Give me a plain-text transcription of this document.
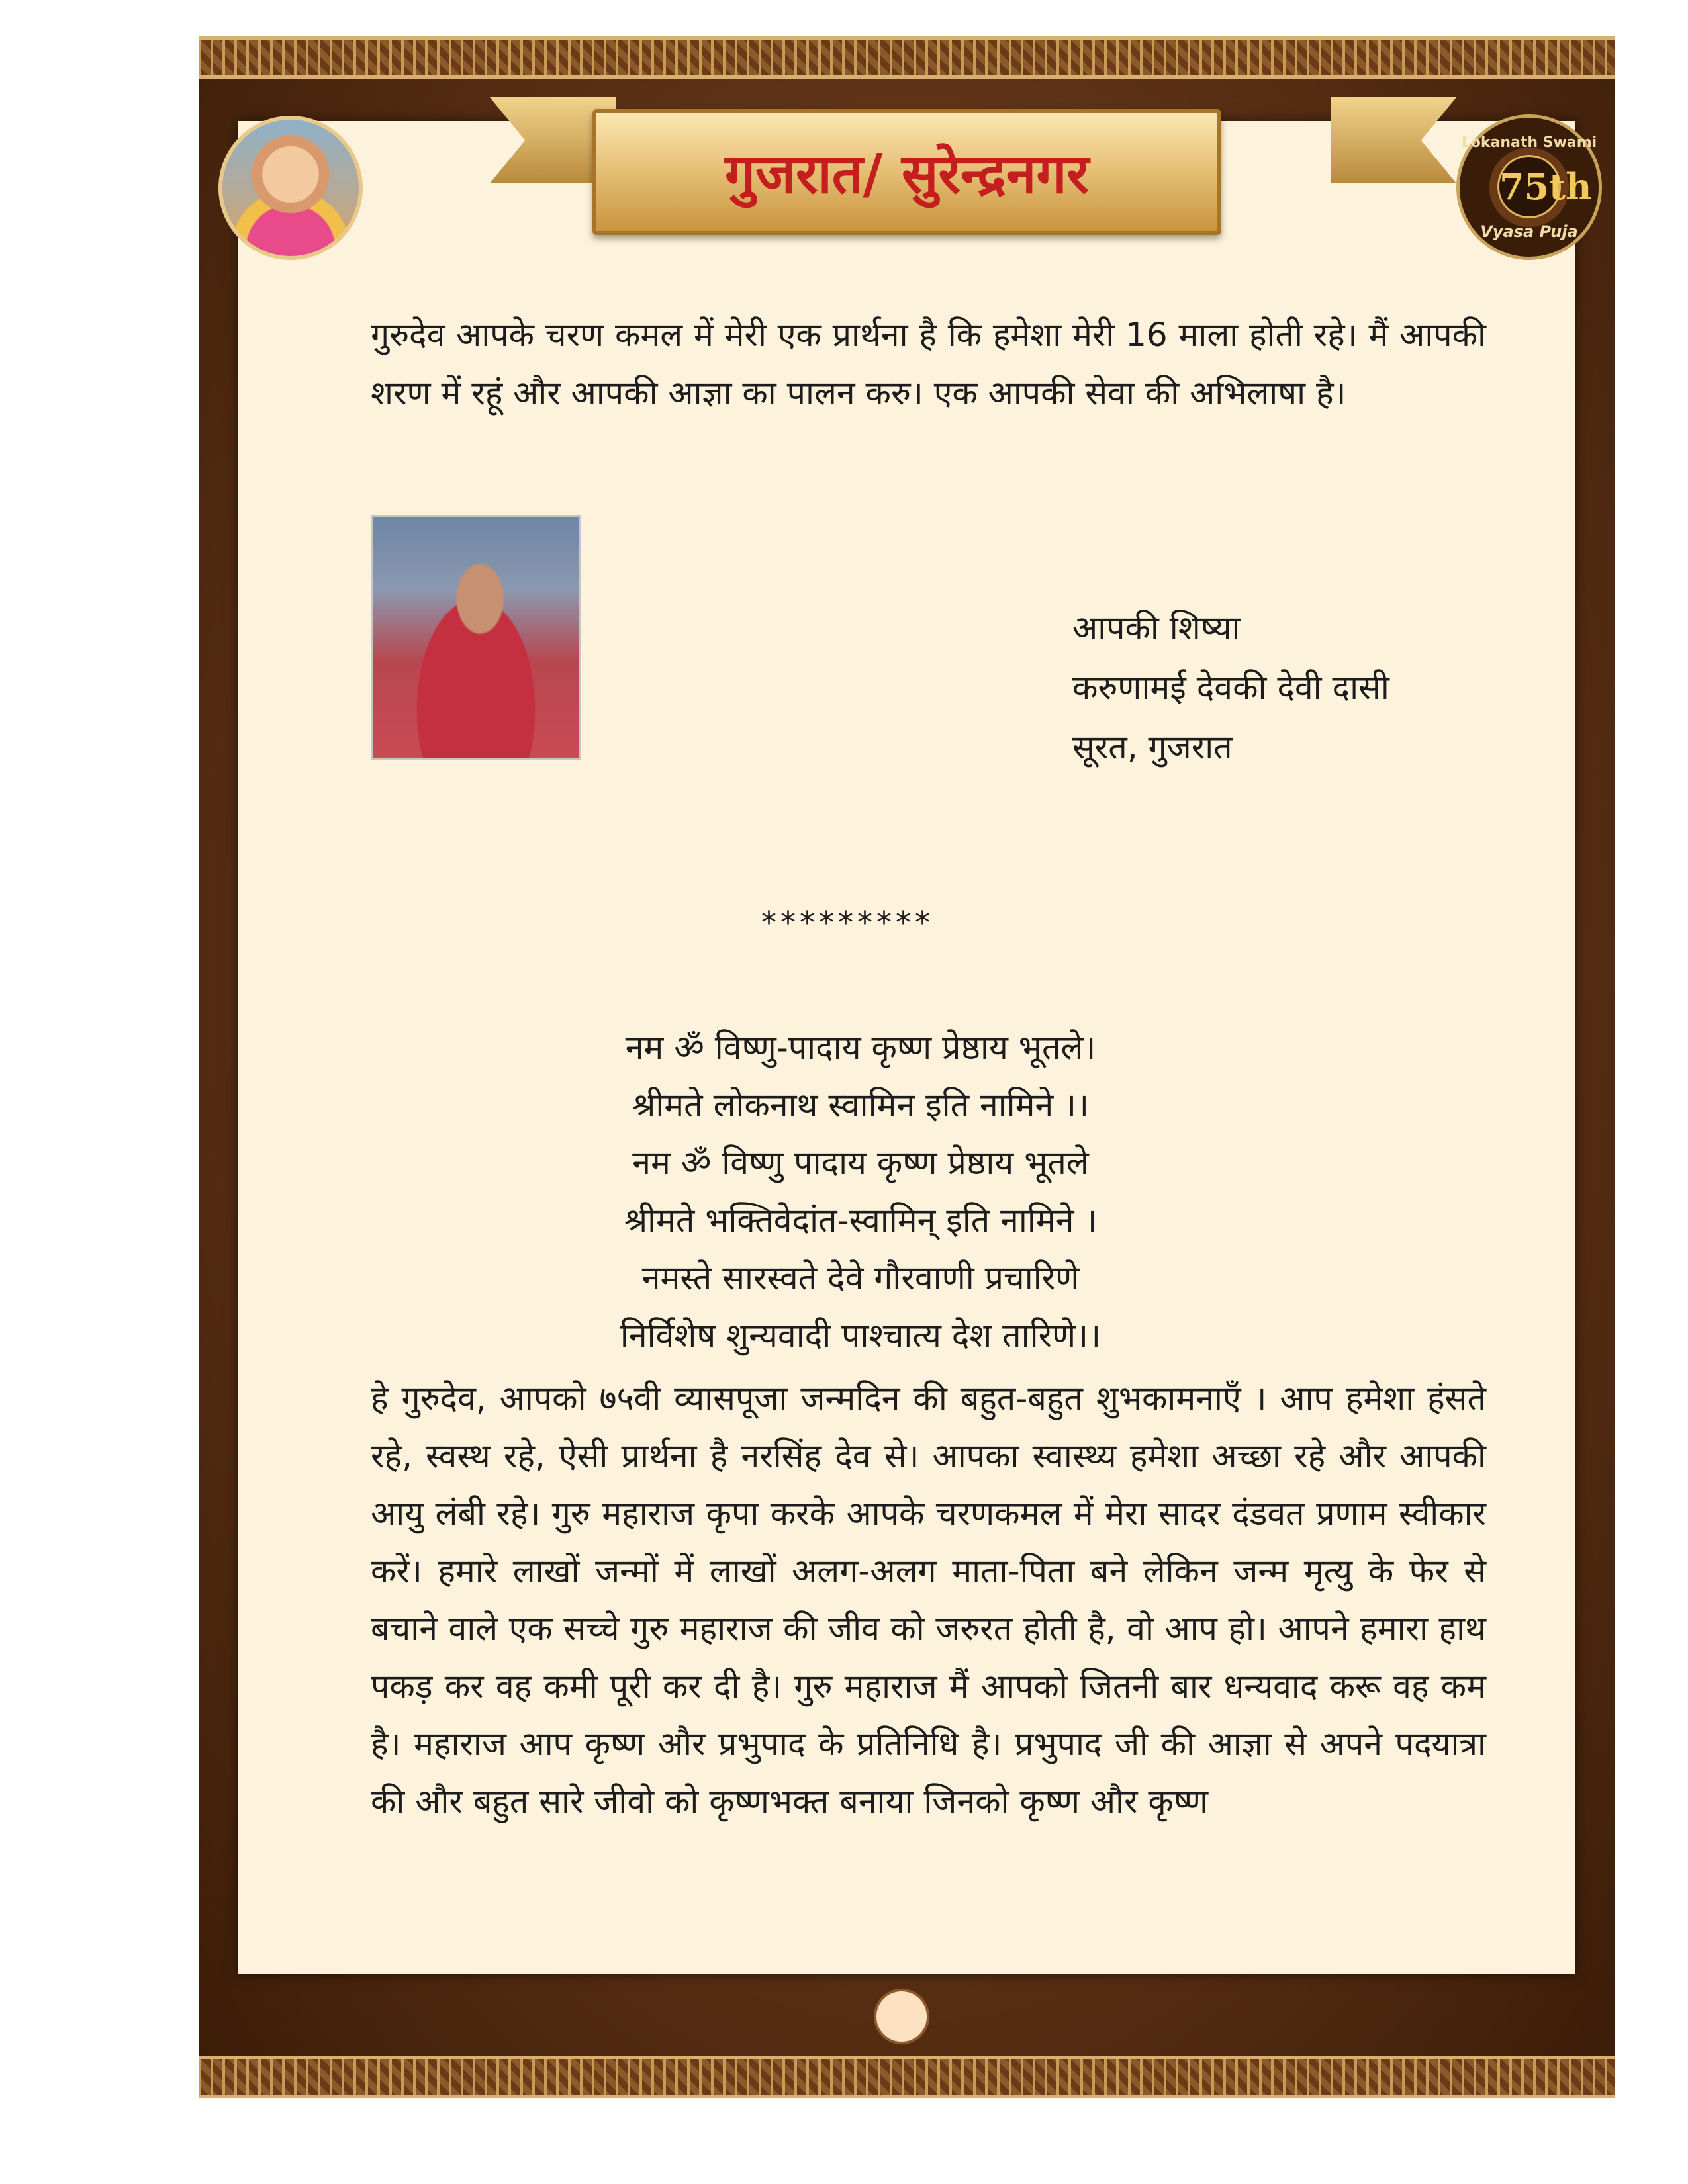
गुजरात/ सुरेन्द्रनगर
Lokanath Swami
75th
Vyasa Puja
गुरुदेव आपके चरण कमल में मेरी एक प्रार्थना है कि हमेशा मेरी 16 माला होती रहे। मैं आपकी शरण में रहूं और आपकी आज्ञा का पालन करु। एक आपकी सेवा की अभिलाषा है।
आपकी शिष्या
करुणामई देवकी देवी दासी
सूरत, गुजरात
*********
नम ॐ विष्णु-पादाय कृष्ण प्रेष्ठाय भूतले।
श्रीमते लोकनाथ स्वामिन इति नामिने ।।
नम ॐ विष्णु पादाय कृष्ण प्रेष्ठाय भूतले
श्रीमते भक्तिवेदांत-स्वामिन् इति नामिने ।
नमस्ते सारस्वते देवे गौरवाणी प्रचारिणे
निर्विशेष शुन्यवादी पाश्चात्य देश तारिणे।।
हे गुरुदेव, आपको ७५वी व्यासपूजा जन्मदिन की बहुत-बहुत शुभकामनाएँ । आप हमेशा हंसते रहे, स्वस्थ रहे, ऐसी प्रार्थना है नरसिंह देव से। आपका स्वास्थ्य हमेशा अच्छा रहे और आपकी आयु लंबी रहे। गुरु महाराज कृपा करके आपके चरणकमल में मेरा सादर दंडवत प्रणाम स्वीकार करें। हमारे लाखों जन्मों में लाखों अलग-अलग माता-पिता बने लेकिन जन्म मृत्यु के फेर से बचाने वाले एक सच्चे गुरु महाराज की जीव को जरुरत होती है, वो आप हो। आपने हमारा हाथ पकड़ कर वह कमी पूरी कर दी है। गुरु महाराज मैं आपको जितनी बार धन्यवाद करू वह कम है। महाराज आप कृष्ण और प्रभुपाद के प्रतिनिधि है। प्रभुपाद जी की आज्ञा से अपने पदयात्रा की और बहुत सारे जीवो को कृष्णभक्त बनाया जिनको कृष्ण और कृष्ण
